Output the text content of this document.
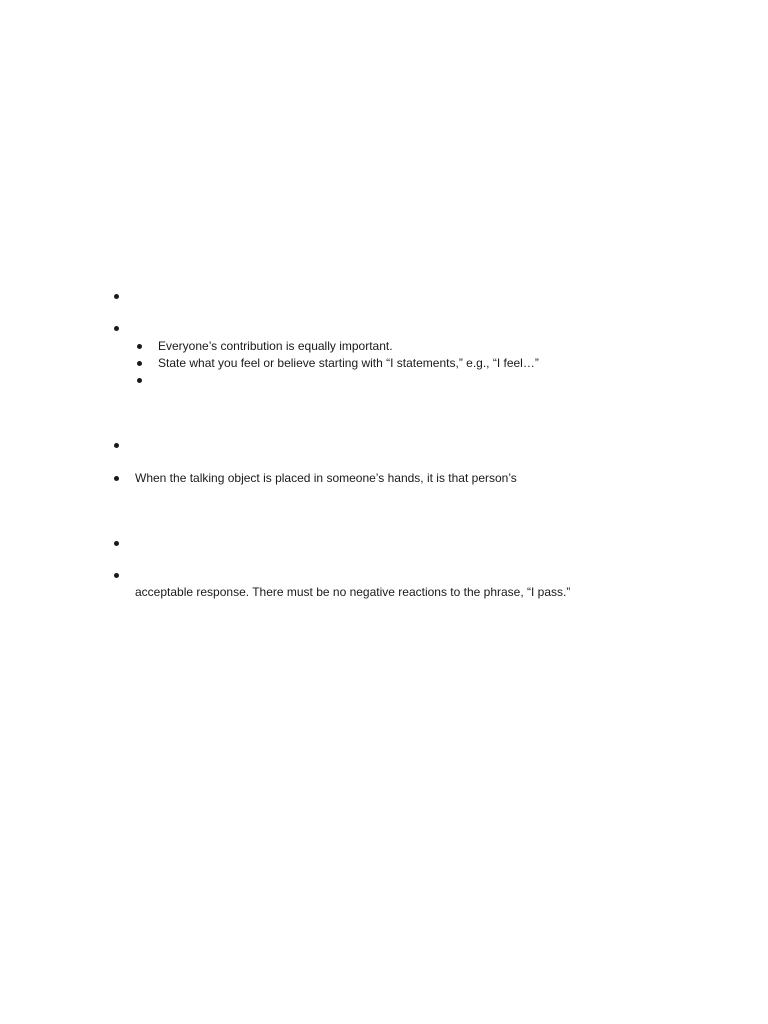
Everyone’s contribution is equally important.
State what you feel or believe starting with “I statements,” e.g., “I feel…”
When the talking object is placed in someone’s hands, it is that person’s
acceptable response. There must be no negative reactions to the phrase, “I pass.”
